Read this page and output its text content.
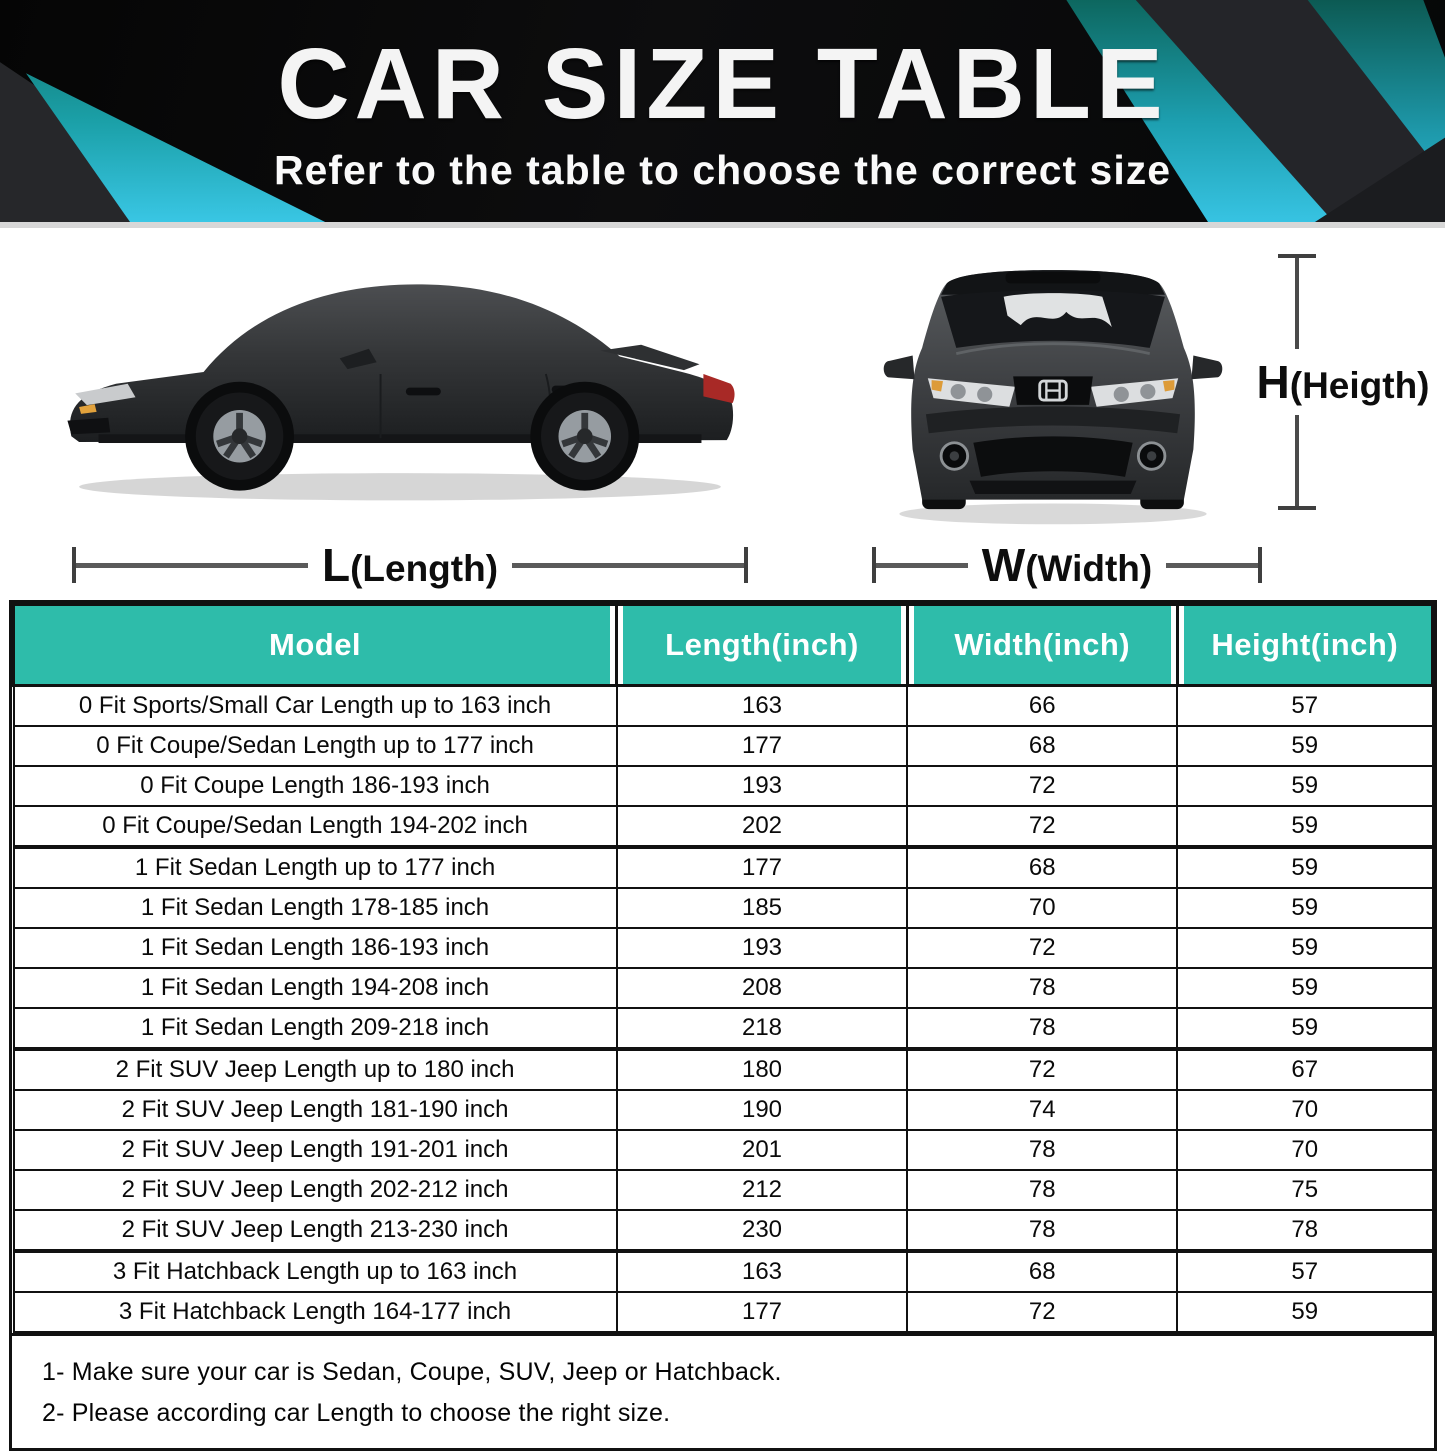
CAR SIZE TABLE

Refer to the table to choose the correct size

L(Length)	W(Width)
H(Heigth)
Model	Length(inch)	Width(inch)	Height(inch)
0 Fit Sports/Small Car Length up to 163 inch	163	66	57
0 Fit Coupe/Sedan Length up to 177 inch	177	68	59
0 Fit Coupe Length 186-193 inch	193	72	59
0 Fit Coupe/Sedan Length 194-202 inch	202	72	59
1 Fit Sedan Length up to 177 inch	177	68	59
1 Fit Sedan Length 178-185 inch	185	70	59
1 Fit Sedan Length 186-193 inch	193	72	59
1 Fit Sedan Length 194-208 inch	208	78	59
1 Fit Sedan Length 209-218 inch	218	78	59
2 Fit SUV Jeep Length up to 180 inch	180	72	67
2 Fit SUV Jeep Length 181-190 inch	190	74	70
2 Fit SUV Jeep Length 191-201 inch	201	78	70
2 Fit SUV Jeep Length 202-212 inch	212	78	75
2 Fit SUV Jeep Length 213-230 inch	230	78	78
3 Fit Hatchback Length up to 163 inch	163	68	57
3 Fit Hatchback Length 164-177 inch	177	72	59

1- Make sure your car is Sedan, Coupe, SUV, Jeep or Hatchback.

2- Please according car Length to choose the right size.
